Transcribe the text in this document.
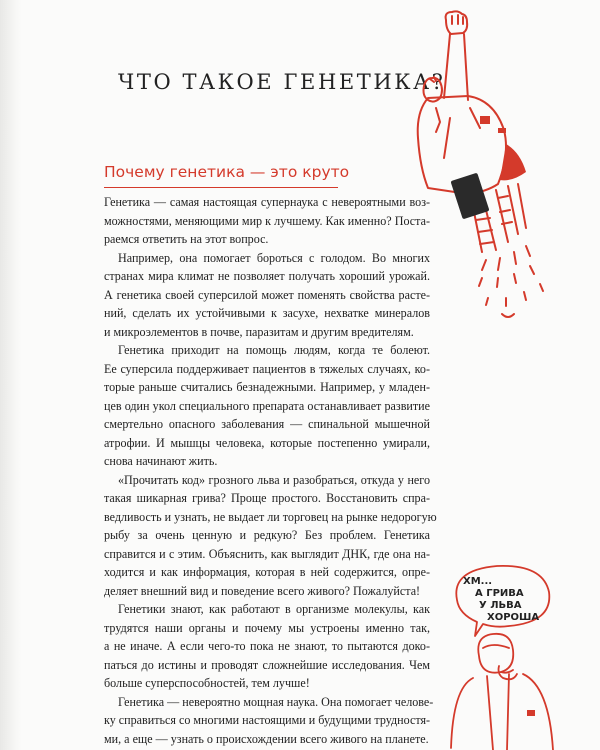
ЧТО ТАКОЕ ГЕНЕТИКА?
Почему генетика — это круто

Генетика — самая настоящая супернаука с невероятными воз-
можностями, меняющими мир к лучшему. Как именно? Поста-
раемся ответить на этот вопрос.

Например, она помогает бороться с голодом. Во многих
странах мира климат не позволяет получать хороший урожай.
А генетика своей суперсилой может поменять свойства расте-
ний, сделать их устойчивыми к засухе, нехватке минералов
и микроэлементов в почве, паразитам и другим вредителям.

Генетика приходит на помощь людям, когда те болеют.
Ее суперсила поддерживает пациентов в тяжелых случаях, ко-
торые раньше считались безнадежными. Например, у младен-
цев один укол специального препарата останавливает развитие
смертельно опасного заболевания — спинальной мышечной
атрофии. И мышцы человека, которые постепенно умирали,
снова начинают жить.

«Прочитать код» грозного льва и разобраться, откуда у него
такая шикарная грива? Проще простого. Восстановить спра-
ведливость и узнать, не выдает ли торговец на рынке недорогую
рыбу за очень ценную и редкую? Без проблем. Генетика
справится и с этим. Объяснить, как выглядит ДНК, где она на-
ходится и как информация, которая в ней содержится, опре-
деляет внешний вид и поведение всего живого? Пожалуйста!

Генетики знают, как работают в организме молекулы, как
трудятся наши органы и почему мы устроены именно так,
а не иначе. А если чего-то пока не знают, то пытаются доко-
паться до истины и проводят сложнейшие исследования. Чем
больше суперспособностей, тем лучше!

Генетика — невероятно мощная наука. Она помогает челове-
ку справиться со многими настоящими и будущими трудностя-
ми, а еще — узнать о происхождении всего живого на планете.

ХМ...
А ГРИВА
У ЛЬВА
ХОРОША
